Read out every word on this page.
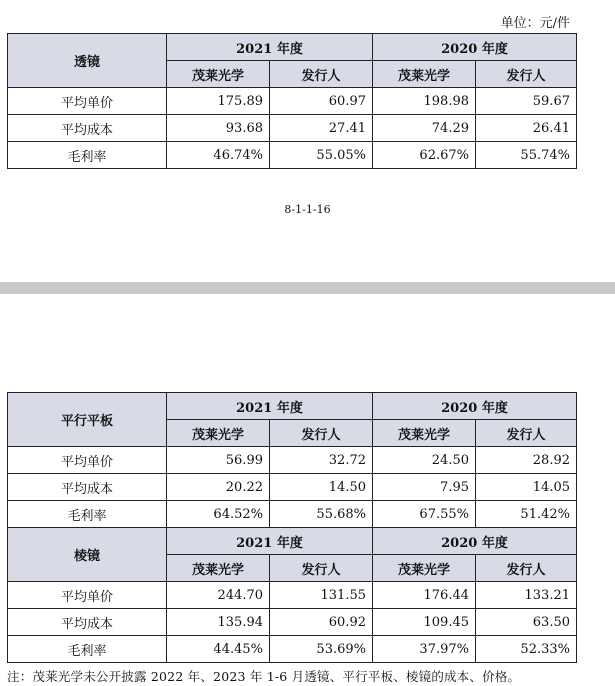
单位：元/件
透镜	2021 年度		2020 年度	
	茂莱光学	发行人	茂莱光学	发行人
平均单价	175.89	60.97	198.98	59.67
平均成本	93.68	27.41	74.29	26.41
毛利率	46.74%	55.05%	62.67%	55.74%
8-1-1-16
平行平板	2021 年度		2020 年度	
	茂莱光学	发行人	茂莱光学	发行人
平均单价	56.99	32.72	24.50	28.92
平均成本	20.22	14.50	7.95	14.05
毛利率	64.52%	55.68%	67.55%	51.42%
棱镜	2021 年度		2020 年度	
	茂莱光学	发行人	茂莱光学	发行人
平均单价	244.70	131.55	176.44	133.21
平均成本	135.94	60.92	109.45	63.50
毛利率	44.45%	53.69%	37.97%	52.33%
注：茂莱光学未公开披露 2022 年、2023 年 1-6 月透镜、平行平板、棱镜的成本、价格。
